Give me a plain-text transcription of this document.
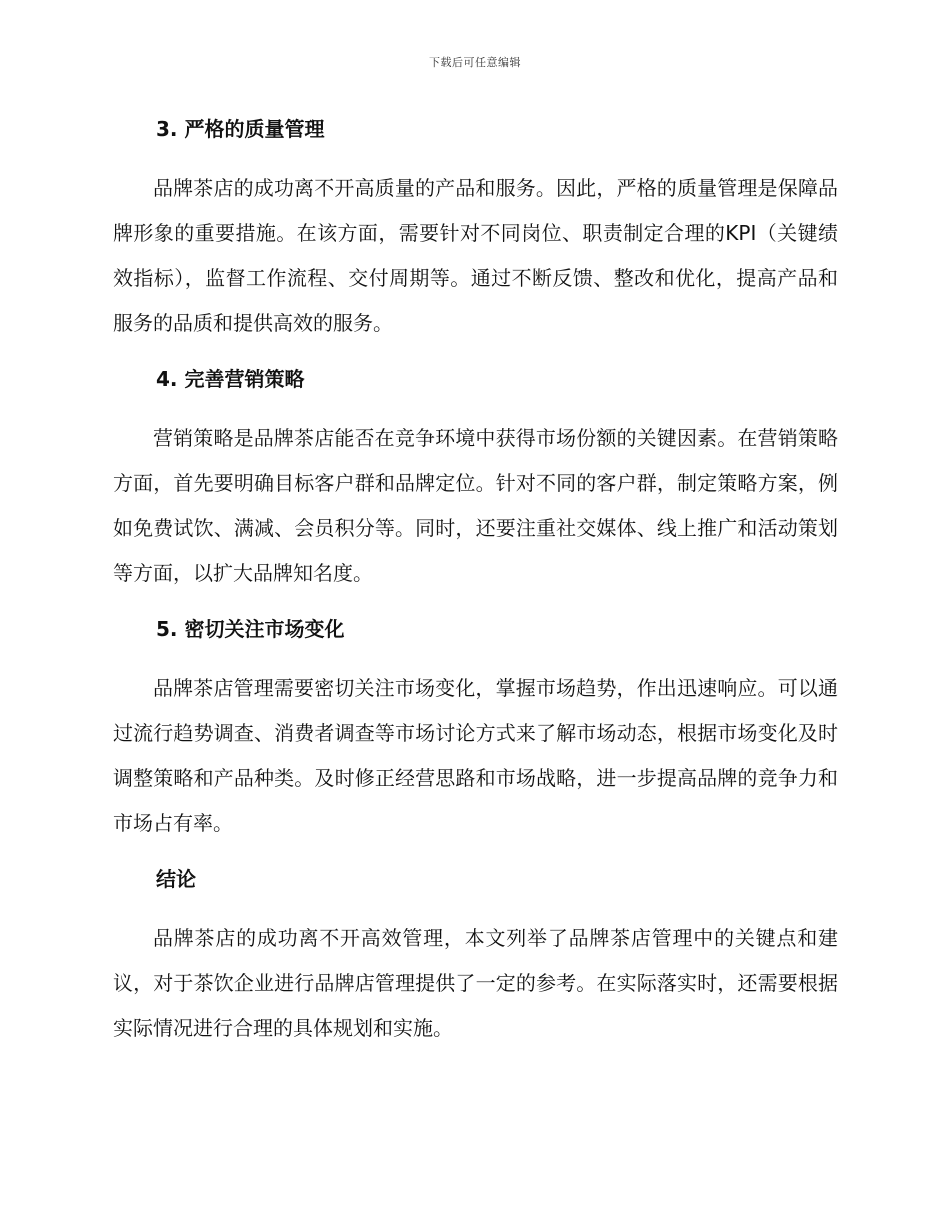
下载后可任意编辑
3. 严格的质量管理

品牌茶店的成功离不开高质量的产品和服务。因此，严格的质量管理是保障品牌形象的重要措施。在该方面，需要针对不同岗位、职责制定合理的KPI（关键绩效指标），监督工作流程、交付周期等。通过不断反馈、整改和优化，提高产品和服务的品质和提供高效的服务。

4. 完善营销策略

营销策略是品牌茶店能否在竞争环境中获得市场份额的关键因素。在营销策略方面，首先要明确目标客户群和品牌定位。针对不同的客户群，制定策略方案，例如免费试饮、满减、会员积分等。同时，还要注重社交媒体、线上推广和活动策划等方面，以扩大品牌知名度。

5. 密切关注市场变化

品牌茶店管理需要密切关注市场变化，掌握市场趋势，作出迅速响应。可以通过流行趋势调查、消费者调查等市场讨论方式来了解市场动态，根据市场变化及时调整策略和产品种类。及时修正经营思路和市场战略，进一步提高品牌的竞争力和市场占有率。

结论

品牌茶店的成功离不开高效管理，本文列举了品牌茶店管理中的关键点和建议，对于茶饮企业进行品牌店管理提供了一定的参考。在实际落实时，还需要根据实际情况进行合理的具体规划和实施。
